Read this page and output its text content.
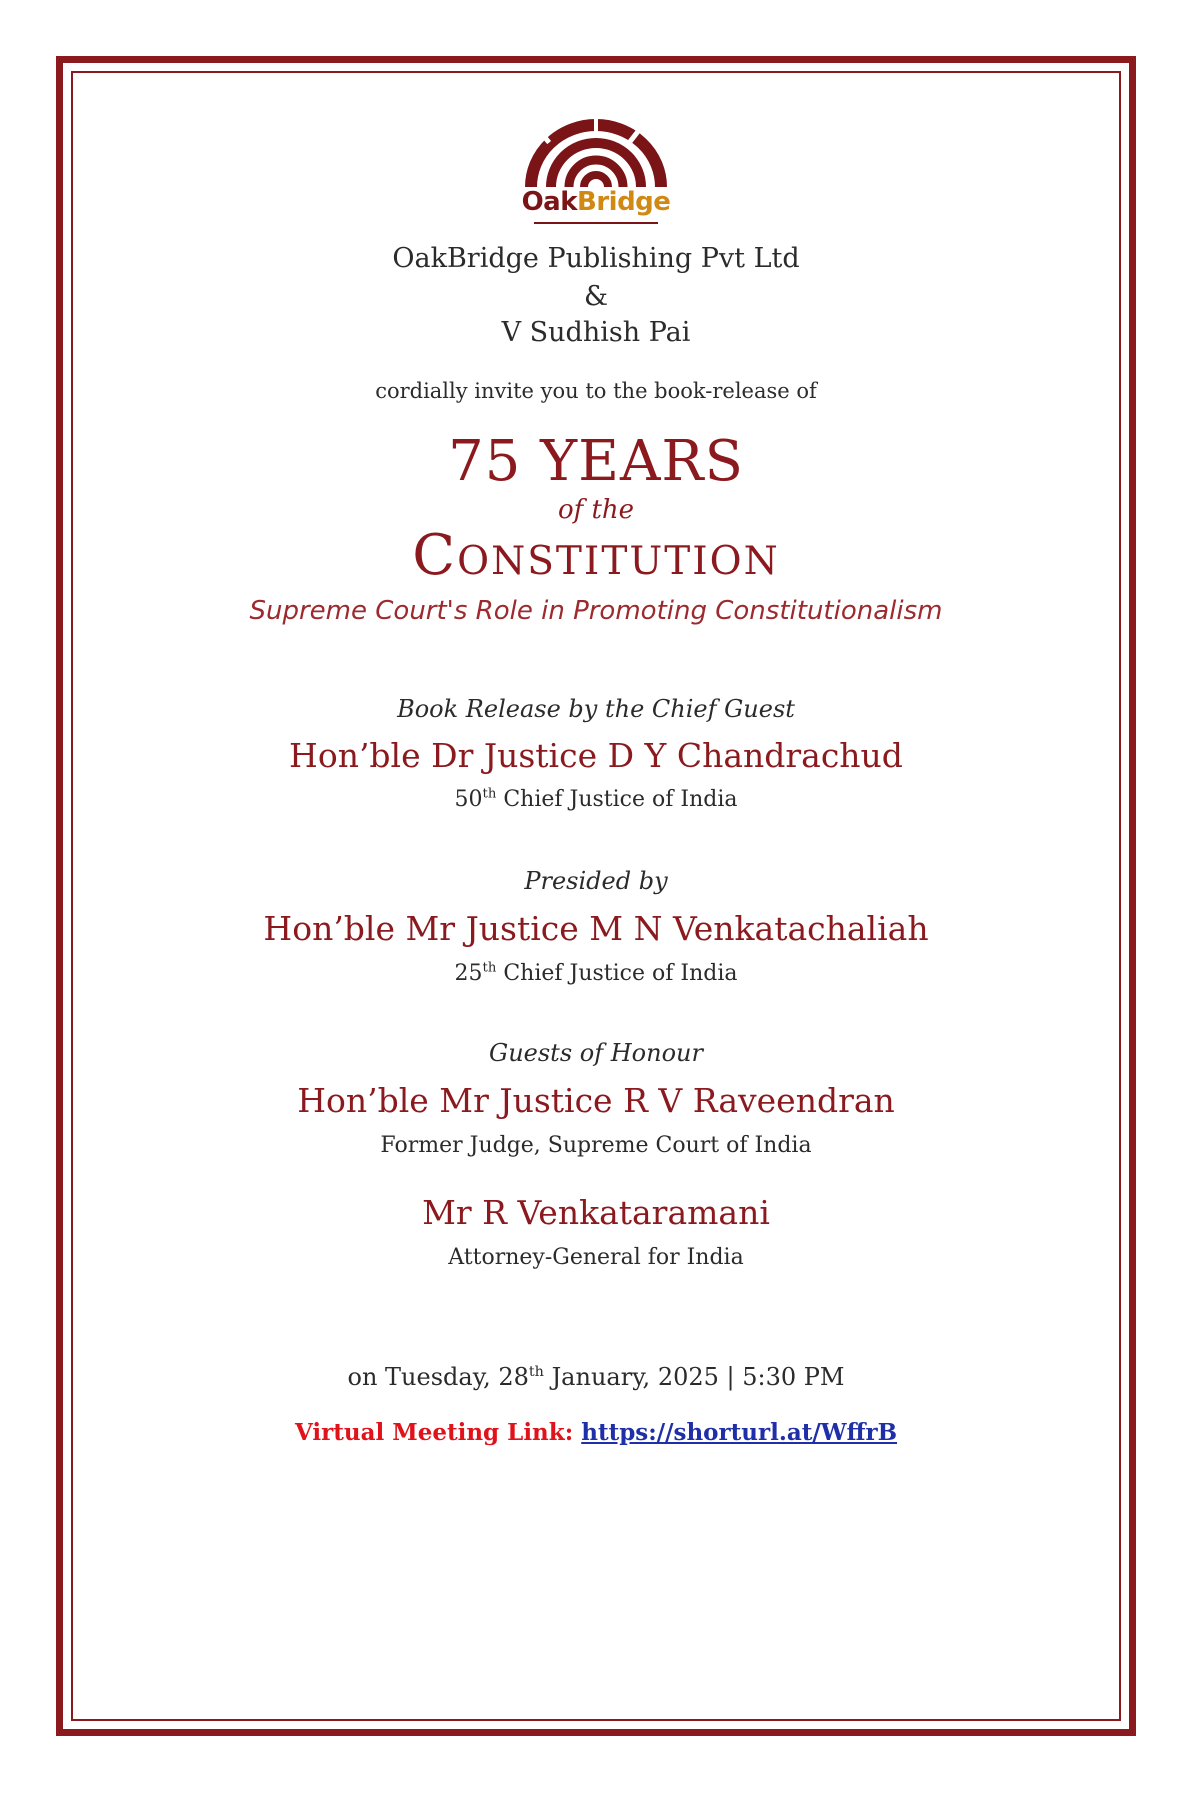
OakBridge
OakBridge Publishing Pvt Ltd
&
V Sudhish Pai
cordially invite you to the book-release of
75 YEARS
of the
Constitution
Supreme Court's Role in Promoting Constitutionalism
Book Release by the Chief Guest
Hon’ble Dr Justice D Y Chandrachud
50th Chief Justice of India
Presided by
Hon’ble Mr Justice M N Venkatachaliah
25th Chief Justice of India
Guests of Honour
Hon’ble Mr Justice R V Raveendran
Former Judge, Supreme Court of India
Mr R Venkataramani
Attorney-General for India
on Tuesday, 28th January, 2025 | 5:30 PM
Virtual Meeting Link: https://shorturl.at/WffrB
